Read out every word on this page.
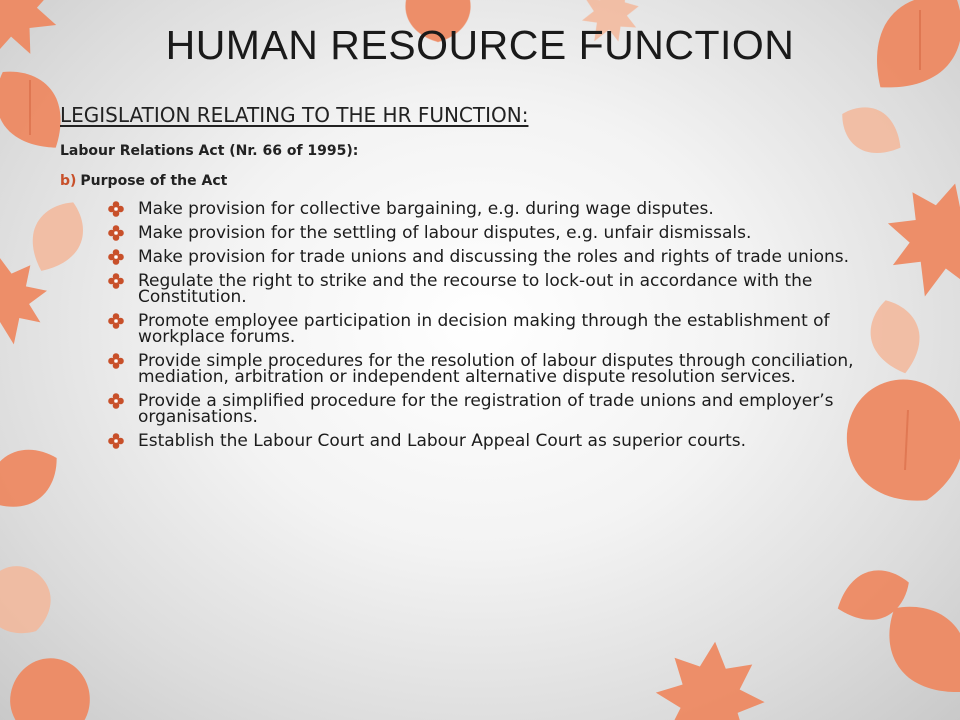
HUMAN RESOURCE FUNCTION
LEGISLATION RELATING TO THE HR FUNCTION:
Labour Relations Act (Nr. 66 of 1995):
b) Purpose of the Act
Make provision for collective bargaining, e.g. during wage disputes.
Make provision for the settling of labour disputes, e.g. unfair dismissals.
Make provision for trade unions and discussing the roles and rights of trade unions.
Regulate the right to strike and the recourse to lock-out in accordance with the Constitution.
Promote employee participation in decision making through the establishment of workplace forums.
Provide simple procedures for the resolution of labour disputes through conciliation, mediation, arbitration or independent alternative dispute resolution services.
Provide a simplified procedure for the registration of trade unions and employer’s organisations.
Establish the Labour Court and Labour Appeal Court as superior courts.
